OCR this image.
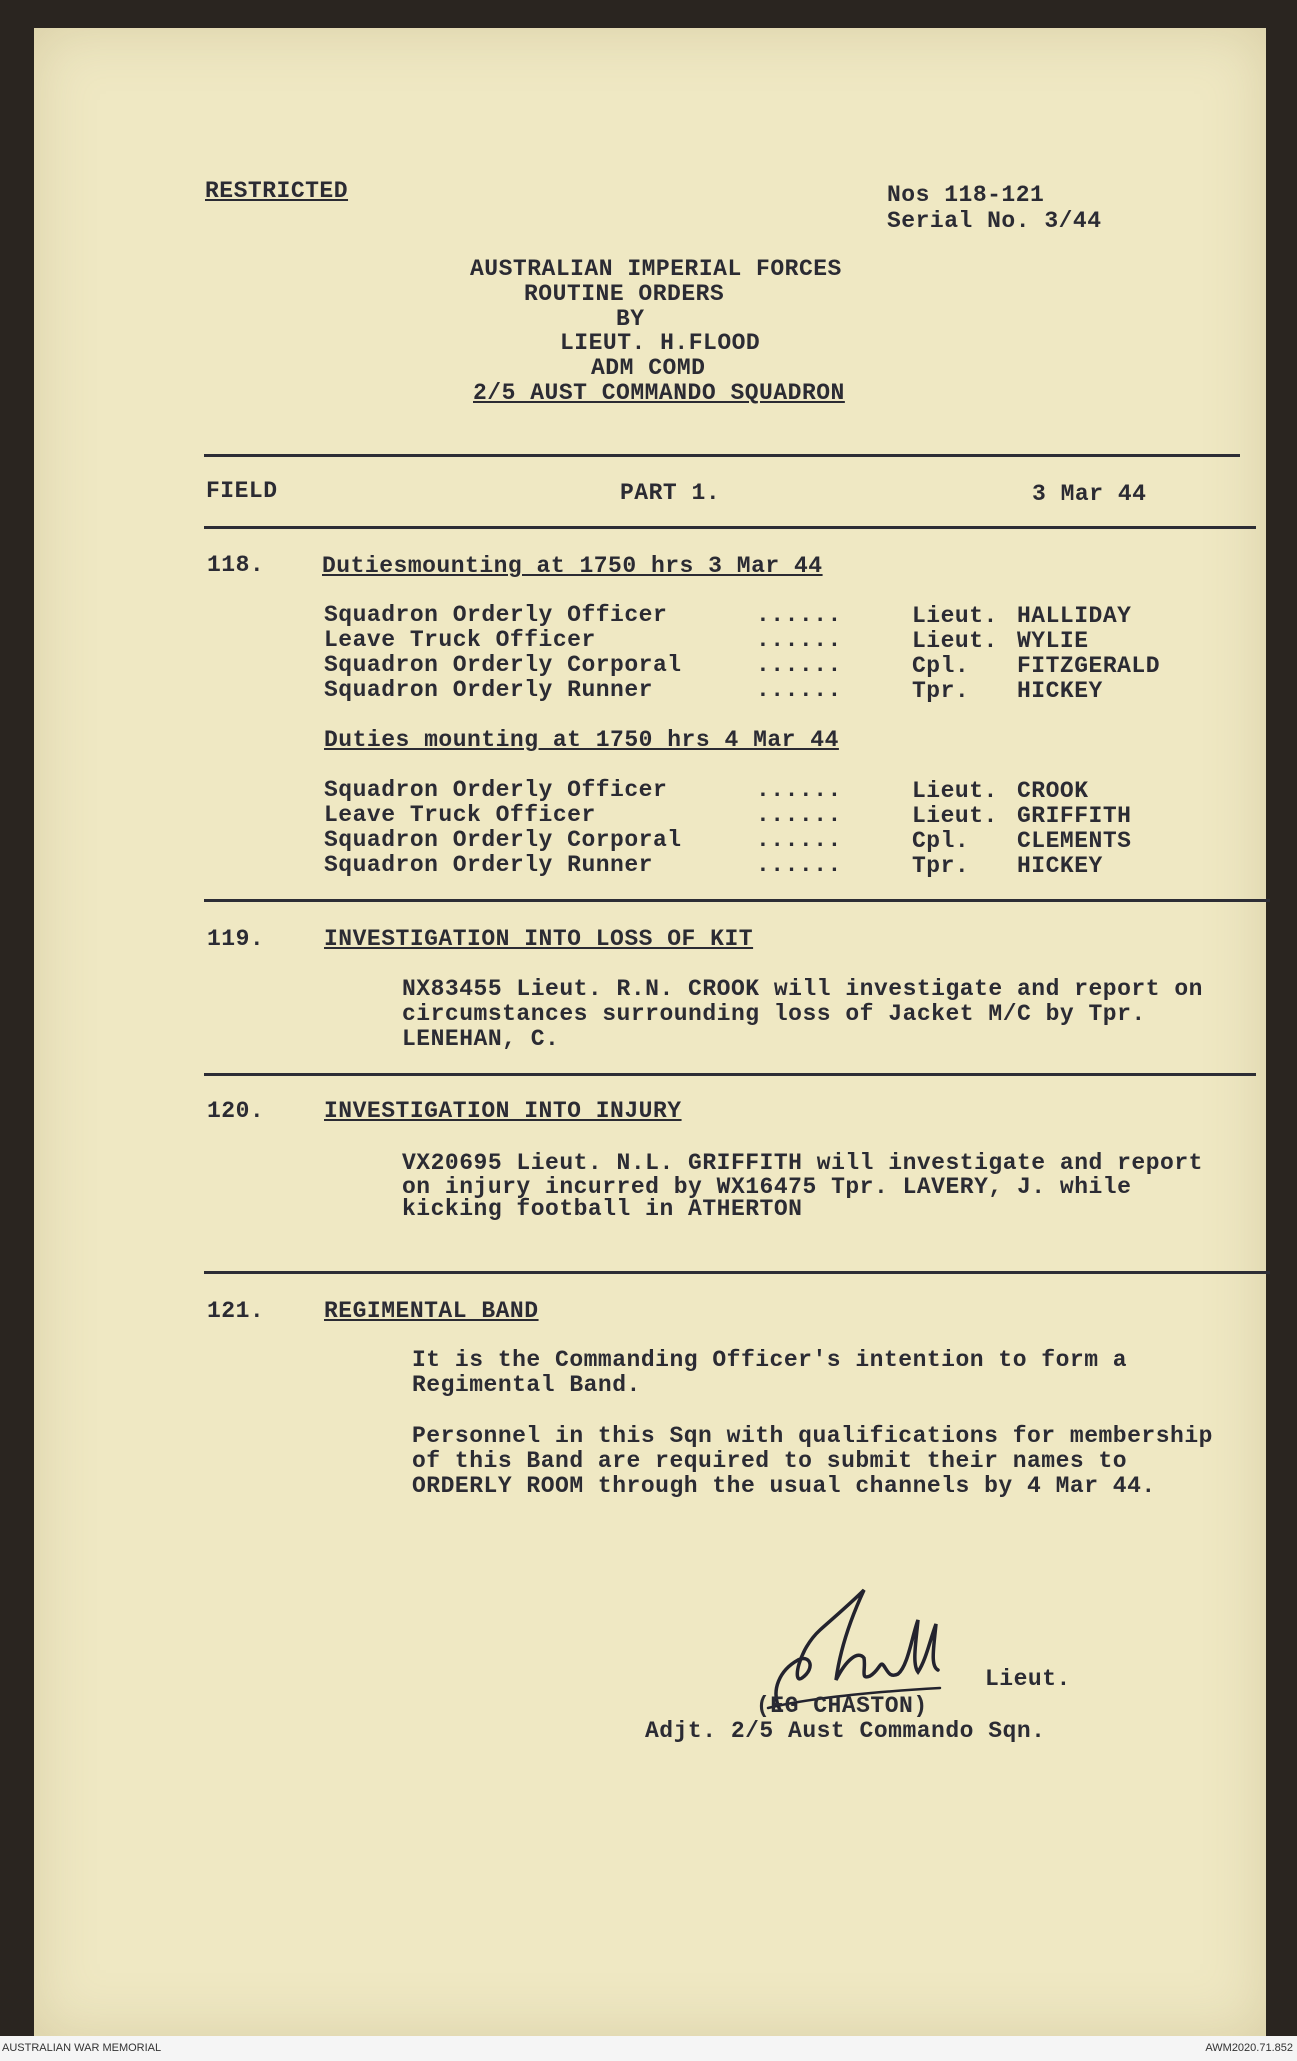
RESTRICTED	Nos 118-121
Serial No. 3/44
AUSTRALIAN IMPERIAL FORCES
ROUTINE ORDERS
BY
LIEUT. H.FLOOD
ADM COMD
2/5 AUST COMMANDO SQUADRON
FIELD	PART 1.	3 Mar 44
118.	Dutiesmounting at 1750 hrs 3 Mar 44
Squadron Orderly Officer	......	Lieut. HALLIDAY
Leave Truck Officer	......	Lieut. WYLIE
Squadron Orderly Corporal	......	Cpl. FITZGERALD
Squadron Orderly Runner	......	Tpr. HICKEY
Duties mounting at 1750 hrs 4 Mar 44
Squadron Orderly Officer	......	Lieut. CROOK
Leave Truck Officer	......	Lieut. GRIFFITH
Squadron Orderly Corporal	......	Cpl. CLEMENTS
Squadron Orderly Runner	......	Tpr. HICKEY
119.	INVESTIGATION INTO LOSS OF KIT
NX83455 Lieut. R.N. CROOK will investigate and report on
circumstances surrounding loss of Jacket M/C by Tpr.
LENEHAN, C.
120.	INVESTIGATION INTO INJURY
VX20695 Lieut. N.L. GRIFFITH will investigate and report
on injury incurred by WX16475 Tpr. LAVERY, J. while
kicking football in ATHERTON
121.	REGIMENTAL BAND
It is the Commanding Officer's intention to form a
Regimental Band.
Personnel in this Sqn with qualifications for membership
of this Band are required to submit their names to
ORDERLY ROOM through the usual channels by 4 Mar 44.
Lieut.
(EG CHASTON)
Adjt. 2/5 Aust Commando Sqn.
AUSTRALIAN WAR MEMORIAL	AWM2020.71.852
